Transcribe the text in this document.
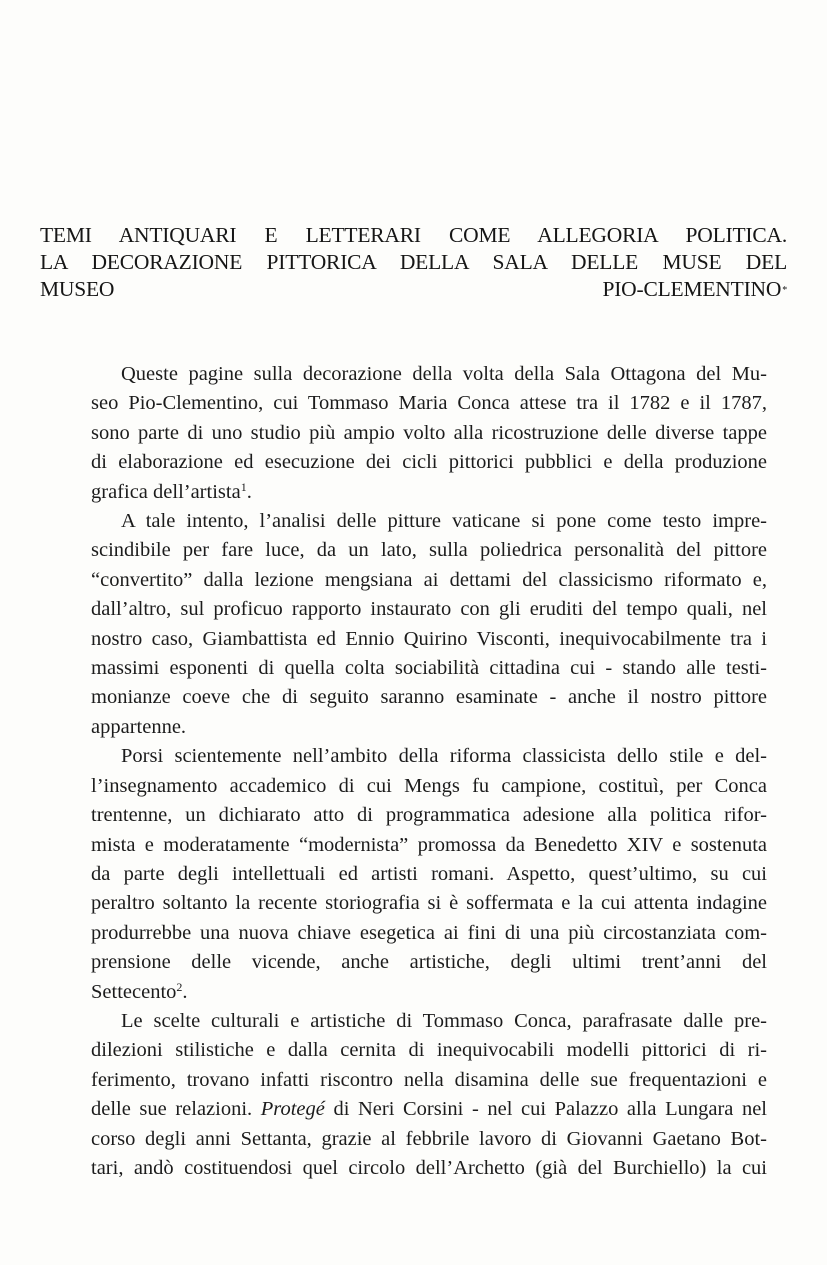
TEMI ANTIQUARI E LETTERARI COME ALLEGORIA POLITICA.
LA DECORAZIONE PITTORICA DELLA SALA DELLE MUSE DEL
MUSEO PIO-CLEMENTINO*
Queste pagine sulla decorazione della volta della Sala Ottagona del Mu-
seo Pio-Clementino, cui Tommaso Maria Conca attese tra il 1782 e il 1787,
sono parte di uno studio più ampio volto alla ricostruzione delle diverse tappe
di elaborazione ed esecuzione dei cicli pittorici pubblici e della produzione
grafica dell’artista$^1$.
A tale intento, l’analisi delle pitture vaticane si pone come testo impre-
scindibile per fare luce, da un lato, sulla poliedrica personalità del pittore
“convertito” dalla lezione mengsiana ai dettami del classicismo riformato e,
dall’altro, sul proficuo rapporto instaurato con gli eruditi del tempo quali, nel
nostro caso, Giambattista ed Ennio Quirino Visconti, inequivocabilmente tra i
massimi esponenti di quella colta sociabilità cittadina cui - stando alle testi-
monianze coeve che di seguito saranno esaminate - anche il nostro pittore
appartenne.
Porsi scientemente nell’ambito della riforma classicista dello stile e del-
l’insegnamento accademico di cui Mengs fu campione, costituì, per Conca
trentenne, un dichiarato atto di programmatica adesione alla politica rifor-
mista e moderatamente “modernista” promossa da Benedetto XIV e sostenuta
da parte degli intellettuali ed artisti romani. Aspetto, quest’ultimo, su cui
peraltro soltanto la recente storiografia si è soffermata e la cui attenta indagine
produrrebbe una nuova chiave esegetica ai fini di una più circostanziata com-
prensione delle vicende, anche artistiche, degli ultimi trent’anni del
Settecento$^2$.
Le scelte culturali e artistiche di Tommaso Conca, parafrasate dalle pre-
dilezioni stilistiche e dalla cernita di inequivocabili modelli pittorici di ri-
ferimento, trovano infatti riscontro nella disamina delle sue frequentazioni e
delle sue relazioni. Protegé di Neri Corsini - nel cui Palazzo alla Lungara nel
corso degli anni Settanta, grazie al febbrile lavoro di Giovanni Gaetano Bot-
tari, andò costituendosi quel circolo dell’Archetto (già del Burchiello) la cui
